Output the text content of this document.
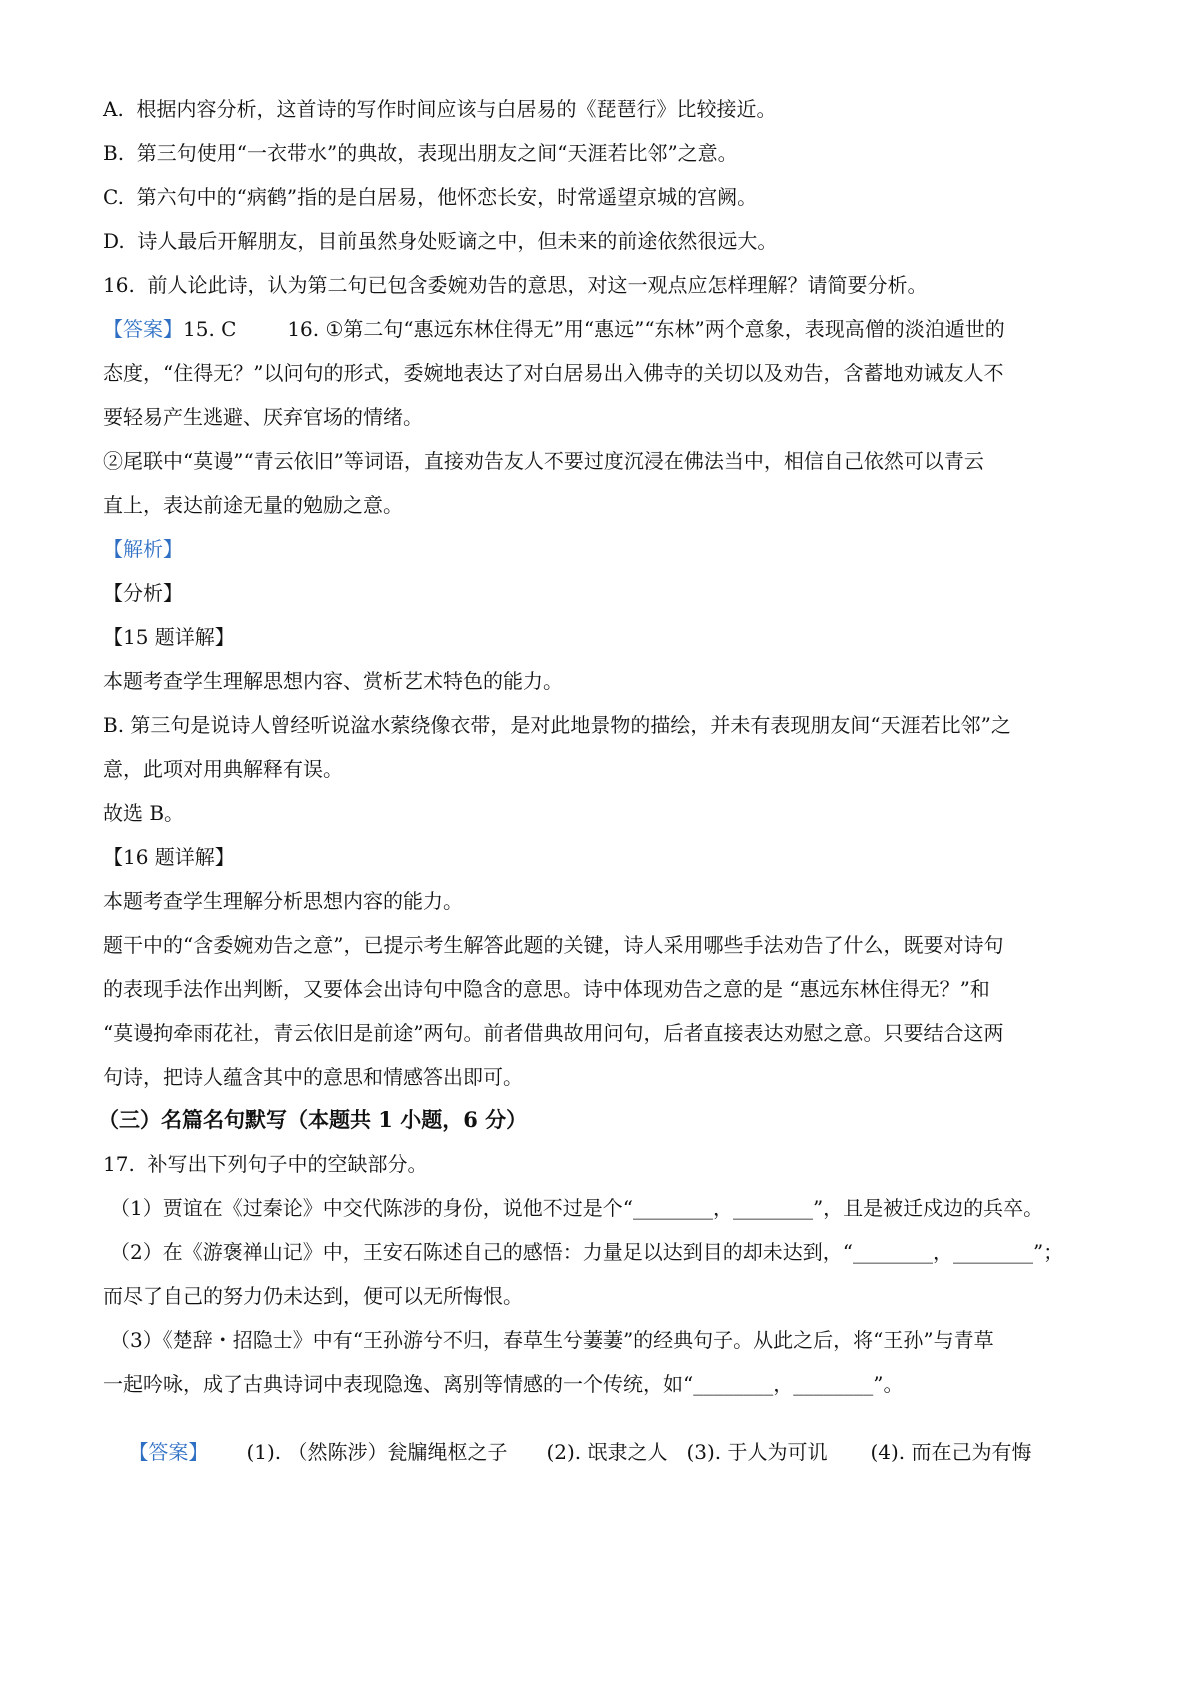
A.  根据内容分析，这首诗的写作时间应该与白居易的《琵琶行》比较接近。
B.  第三句使用“一衣带水”的典故，表现出朋友之间“天涯若比邻”之意。
C.  第六句中的“病鹤”指的是白居易，他怀恋长安，时常遥望京城的宫阙。
D.  诗人最后开解朋友，目前虽然身处贬谪之中，但未来的前途依然很远大。
16.  前人论此诗，认为第二句已包含委婉劝告的意思，对这一观点应怎样理解？请简要分析。
【答案】15. C        16. ①第二句“惠远东林住得无”用“惠远”“东林”两个意象，表现高僧的淡泊遁世的
态度，“住得无？”以问句的形式，委婉地表达了对白居易出入佛寺的关切以及劝告，含蓄地劝诫友人不
要轻易产生逃避、厌弃官场的情绪。
②尾联中“莫谩”“青云依旧”等词语，直接劝告友人不要过度沉浸在佛法当中，相信自己依然可以青云
直上，表达前途无量的勉励之意。
【解析】
【分析】
【15 题详解】
本题考查学生理解思想内容、赏析艺术特色的能力。
B. 第三句是说诗人曾经听说湓水萦绕像衣带，是对此地景物的描绘，并未有表现朋友间“天涯若比邻”之
意，此项对用典解释有误。
故选 B。
【16 题详解】
本题考查学生理解分析思想内容的能力。
题干中的“含委婉劝告之意”，已提示考生解答此题的关键，诗人采用哪些手法劝告了什么，既要对诗句
的表现手法作出判断，又要体会出诗句中隐含的意思。诗中体现劝告之意的是 “惠远东林住得无？”和
“莫谩拘牵雨花社，青云依旧是前途”两句。前者借典故用问句，后者直接表达劝慰之意。只要结合这两
句诗，把诗人蕴含其中的意思和情感答出即可。
（三）名篇名句默写（本题共 1 小题，6 分）
17.  补写出下列句子中的空缺部分。
（1）贾谊在《过秦论》中交代陈涉的身份，说他不过是个“________，________”，且是被迁戍边的兵卒。
（2）在《游褒禅山记》中，王安石陈述自己的感悟：力量足以达到目的却未达到，“________，________”；
而尽了自己的努力仍未达到，便可以无所悔恨。
（3）《楚辞・招隐士》中有“王孙游兮不归，春草生兮萋萋”的经典句子。从此之后，将“王孙”与青草
一起吟咏，成了古典诗词中表现隐逸、离别等情感的一个传统，如“________，________”。

【答案】 (1). （然陈涉）瓮牖绳枢之子 (2). 氓隶之人 (3). 于人为可讥 (4). 而在己为有悔
